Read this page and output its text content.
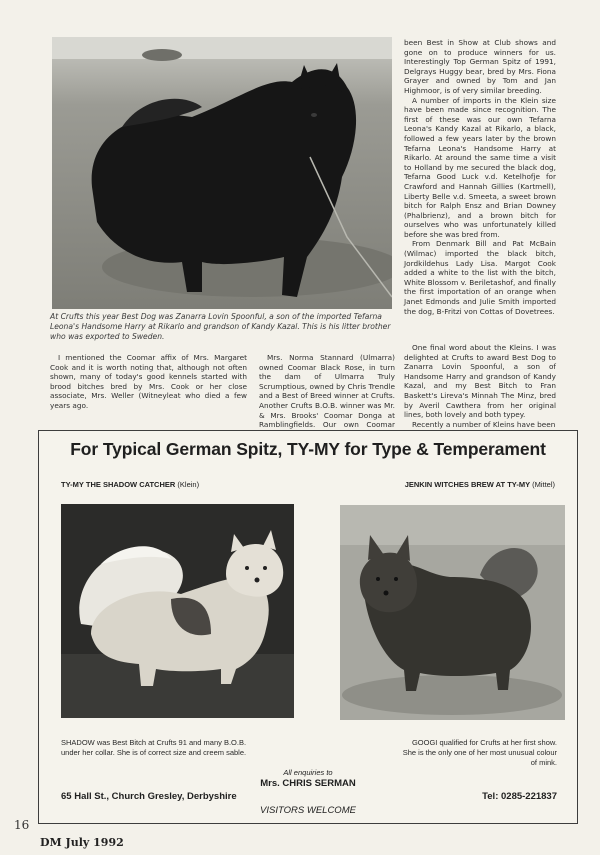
At Crufts this year Best Dog was Zanarra Lovin Spoonful, a son of the imported Tefarna Leona's Handsome Harry at Rikarlo and grandson of Kandy Kazal. This is his litter brother who was exported to Sweden.

been Best in Show at Club shows and gone on to produce winners for us. Interestingly Top German Spitz of 1991, Delgrays Huggy bear, bred by Mrs. Fiona Grayer and owned by Tom and Jan Highmoor, is of very similar breeding.

A number of imports in the Klein size have been made since recognition. The first of these was our own Tefarna Leona's Kandy Kazal at Rikarlo, a black, followed a few years later by the brown Tefarna Leona's Handsome Harry at Rikarlo. At around the same time a visit to Holland by me secured the black dog, Tefarna Good Luck v.d. Ketelhofje for Crawford and Hannah Gillies (Kartmell), Liberty Belle v.d. Smeeta, a sweet brown bitch for Ralph Ensz and Brian Downey (Phalbrienz), and a brown bitch for ourselves who was unfortunately killed before she was bred from.

From Denmark Bill and Pat McBain (Wilmac) imported the black bitch, Jordkildehus Lady Lisa. Margot Cook added a white to the list with the bitch, White Blossom v. Beriletashof, and finally the first importation of an orange when Janet Edmonds and Julie Smith imported the dog, B-Fritzi von Cottas of Dovetrees.

I mentioned the Coomar affix of Mrs. Margaret Cook and it is worth noting that, although not often shown, many of today's good kennels started with brood bitches bred by Mrs. Cook or her close associate, Mrs. Weller (Witneyleat who died a few years ago.

Mrs. Norma Stannard (Ulmarra) owned Coomar Black Rose, in turn the dam of Ulmarra Truly Scrumptious, owned by Chris Trendle and a Best of Breed winner at Crufts. Another Crufts B.O.B. winner was Mr. & Mrs. Brooks' Coomar Donga at Ramblingfields. Our own Coomar

One final word about the Kleins. I was delighted at Crufts to award Best Dog to Zanarra Lovin Spoonful, a son of Handsome Harry and grandson of Kandy Kazal, and my Best Bitch to Fran Baskett's Lireva's Minnah The Minz, bred by Averil Cawthera from her original lines, both lovely and both typey.

Recently a number of Kleins have been

For Typical German Spitz, TY-MY for Type & Temperament
TY-MY THE SHADOW CATCHER (Klein)	JENKIN WITCHES BREW AT TY-MY (Mittel)
SHADOW was Best Bitch at Crufts 91 and many B.O.B. under her collar. She is of correct size and creem sable.
GOOGI qualified for Crufts at her first show. She is the only one of her most unusual colour of mink.
All enquiries to
Mrs. CHRIS SERMAN
65 Hall St., Church Gresley, Derbyshire	Tel: 0285-221837
VISITORS WELCOME
16
DM July 1992
